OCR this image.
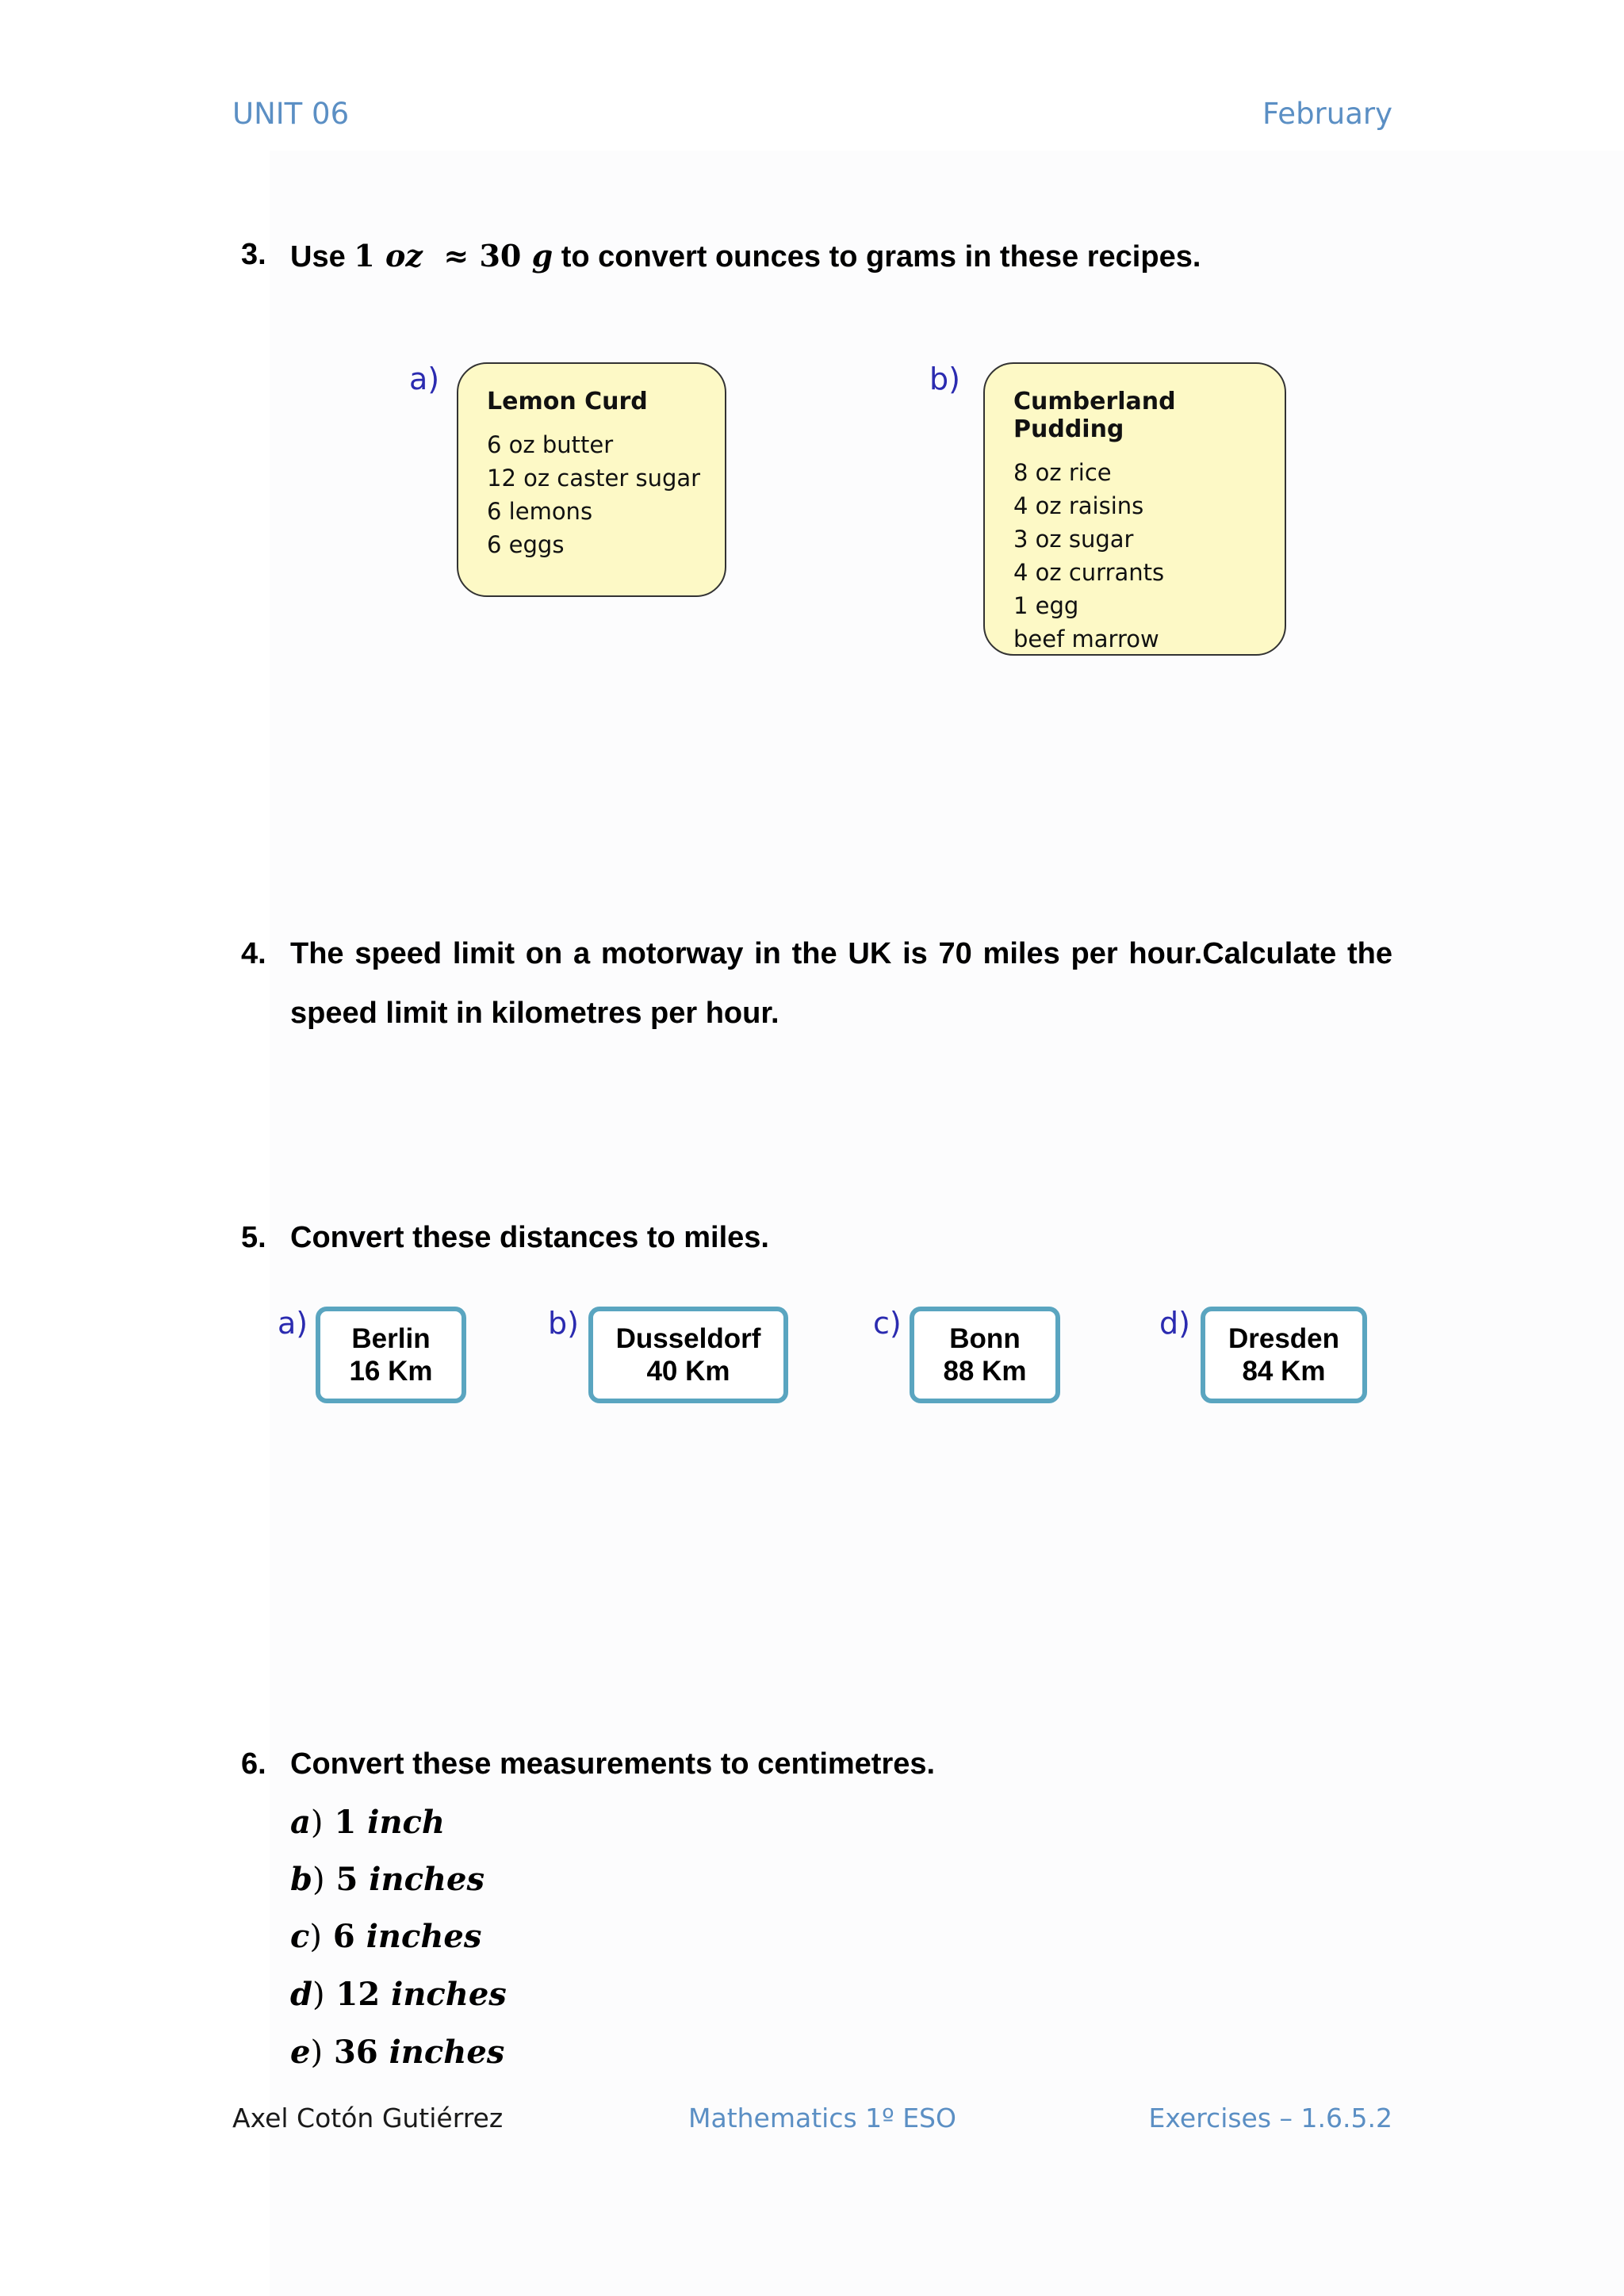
UNIT 06	February
3. Use 1 oz ≈ 30 g to convert ounces to grams in these recipes.
a)
Lemon Curd
6 oz butter
12 oz caster sugar
6 lemons
6 eggs
b)
Cumberland Pudding
8 oz rice
4 oz raisins
3 oz sugar
4 oz currants
1 egg
beef marrow
4. The speed limit on a motorway in the UK is 70 miles per hour.Calculate the
speed limit in kilometres per hour.
5. Convert these distances to miles.
a)	Berlin
16 Km
b)	Dusseldorf
40 Km
c)	Bonn
88 Km
d)	Dresden
84 Km
6. Convert these measurements to centimetres.
a) 1 inch
b) 5 inches
c) 6 inches
d) 12 inches
e) 36 inches
Axel Cotón Gutiérrez	Mathematics 1º ESO	Exercises – 1.6.5.2
